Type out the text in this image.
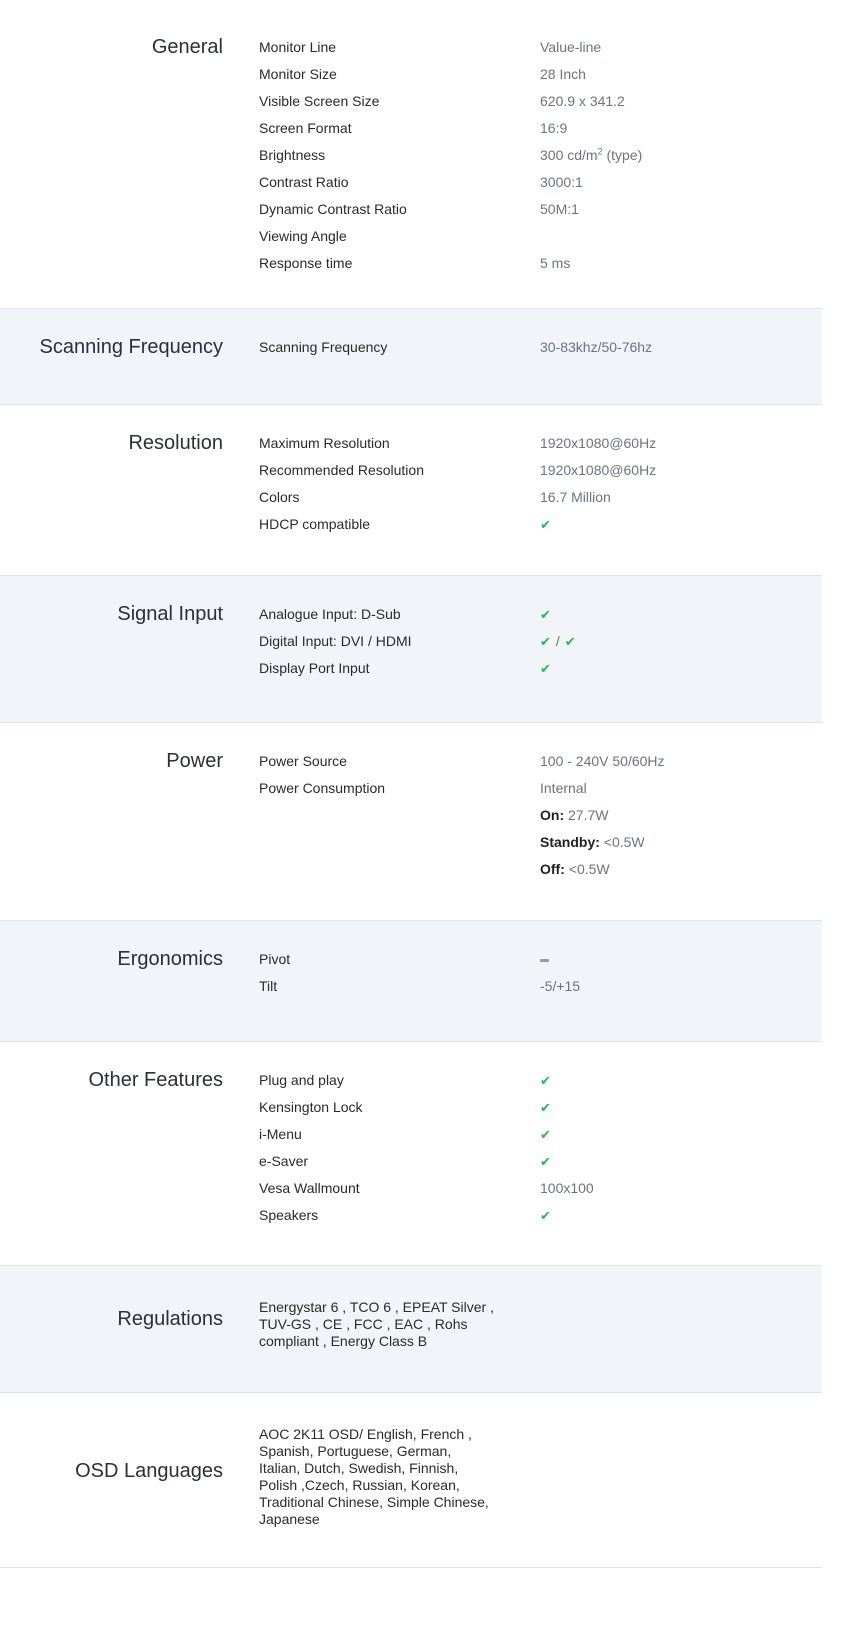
General	Monitor Line	Value-line
Monitor Size	28 Inch
Visible Screen Size	620.9 x 341.2
Screen Format	16:9
Brightness	300 $cd/m^2$ (type)
Contrast Ratio	3000:1
Dynamic Contrast Ratio	50M:1
Viewing Angle
Response time	5 ms
Scanning Frequency	Scanning Frequency	30-83khz/50-76hz
Resolution	Maximum Resolution	1920x1080@60Hz
Recommended Resolution	1920x1080@60Hz
Colors	16.7 Million
HDCP compatible	✔
Signal Input	Analogue Input: D-Sub	✔
Digital Input: DVI / HDMI	✔ / ✔
Display Port Input	✔
Power	Power Source	100 - 240V 50/60Hz
Power Consumption	Internal
On: 27.7W
Standby: <0.5W
Off: <0.5W
Ergonomics	Pivot
Tilt	-5/+15
Other Features	Plug and play	✔
Kensington Lock	✔
i-Menu	✔
e-Saver	✔
Vesa Wallmount	100x100
Speakers	✔
Regulations
Energystar 6 , TCO 6 , EPEAT Silver ,
TUV-GS , CE , FCC , EAC , Rohs
compliant , Energy Class B
OSD Languages
AOC 2K11 OSD/ English, French ,
Spanish, Portuguese, German,
Italian, Dutch, Swedish, Finnish,
Polish ,Czech, Russian, Korean,
Traditional Chinese, Simple Chinese,
Japanese
